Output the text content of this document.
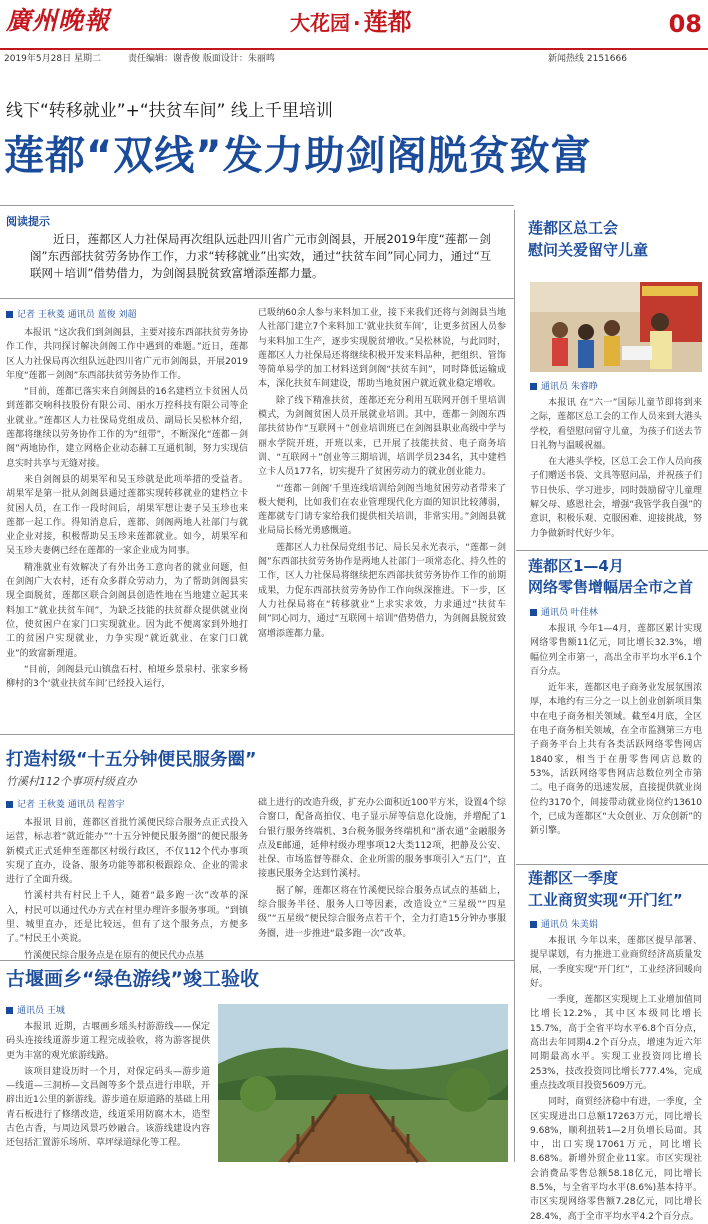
廣州晚報	大花园 · 莲都	08
2019年5月28日 星期二	责任编辑：谢香俊 版面设计：朱丽鸣	新闻热线 2151666
线下“转移就业”+“扶贫车间” 线上千里培训
莲都“双线”发力助剑阁脱贫致富
阅读提示
近日，莲都区人力社保局再次组队远赴四川省广元市剑阁县，开展2019年度“莲都－剑阁”东西部扶贫劳务协作工作，力求“转移就业”出实效，通过“扶贫车间”同心同力，通过“互联网＋培训”借势借力，为剑阁县脱贫致富增添莲都力量。
记者 王秋菱 通讯员 蓝俊 刘超

本报讯 “这次我们到剑阁县，主要对接东西部扶贫劳务协作工作，共同探讨解决剑阁工作中遇到的难题。”近日，莲都区人力社保局再次组队远赴四川省广元市剑阁县，开展2019年度“莲都－剑阁”东西部扶贫劳务协作工作。

“目前，莲都已落实来自剑阁县的16名建档立卡贫困人员到莲都交响科技股份有限公司、丽水万控科技有限公司等企业就业。”莲都区人力社保局党组成员、副局长吴松林介绍，莲都将继续以劳务协作工作的为“纽带”，不断深化“莲都－剑阁”两地协作，建立网格企业动态赫工互通机制，努力实现信息实时共享与无缝对接。

来自剑阁县的胡果军和吴玉珍就是此项举措的受益者。胡果军是第一批从剑阁县通过莲都实现转移就业的建档立卡贫困人员，在工作一段时间后，胡果军想让妻子吴玉珍也来莲都一起工作。得知消息后，莲都、剑阁两地人社部门与就业企业对接，积极帮助吴玉珍来莲都就业。如今，胡果军和吴玉珍夫妻俩已经在莲都的一家企业成为同事。

精准就业有效解决了有外出务工意向者的就业问题，但在剑阁广大农村，还有众多群众劳动力，为了帮助剑阁县实现全面脱贫，莲都区联合剑阁县创造性地在当地建立起其来料加工“就业扶贫车间”，为缺乏技能的扶贫群众提供就业岗位，使贫困户在家门口实现就业。因为此不便离家到外地打工的贫困户实现就业，力争实现“就近就业、在家门口就业”的致富新理道。

“目前，剑阁县元山镇盘石村、柏垭乡景泉村、张家乡杨柳村的3个‘就业扶贫车间’已经投入运行，

已吸纳60余人参与来料加工业，接下来我们还将与剑阁县当地人社部门建立7个来料加工‘就业扶贫车间’，让更多贫困人员参与来料加工生产，逐步实现脱贫增收。”吴松林说，与此同时，莲都区人力社保局还将继续积极开发来料品种，把组织、管饰等简单易学的加工材料送到剑阁“扶贫车间”，同时降低运输成本，深化扶贫车间建设，帮助当地贫困户就近就业稳定增收。

除了线下精准扶贫，莲都还充分利用互联网开创千里培训模式，为剑阁贫困人员开展就业培训。其中，莲都－剑阁东西部扶贫协作“互联网＋”创业培训班已在剑阁县职业高级中学与丽水学院开班，开班以来，已开展了技能扶贫、电子商务培训、“互联网＋”创业等三期培训，培训学员234名，其中建档立卡人员177名，切实提升了贫困劳动力的就业创业能力。

“‘莲都－剑阁’千里连线培训给剑阁当地贫困劳动者带来了极大便利，比如我们在农业管理现代化方面的知识比较薄弱，莲都就专门请专家给我们提供相关培训，非常实用。”剑阁县就业局局长杨光勇感慨道。

莲都区人力社保局党组书记、局长吴永光表示，“莲都－剑阁”东西部扶贫劳务协作是两地人社部门一项常态化、持久性的工作，区人力社保局将继续把东西部扶贫劳务协作工作的前期成果，力促东西部扶贫劳务协作工作向纵深推进。下一步，区人力社保局将在“转移就业”上求实求效，力求通过“扶贫车间”同心同力，通过“互联网＋培训”借势借力，为剑阁县脱贫致富增添莲都力量。

打造村级“十五分钟便民服务圈”
竹溪村112个事项村级直办
记者 王秋菱 通讯员 程普宇

本报讯 目前，莲都区首批竹溪便民综合服务点正式投入运营，标志着“就近能办”“十五分钟便民服务圈”的便民服务新模式正式延伸至莲都区村级行政区，不仅112个代办事项实现了直办，设备、服务功能等都积极跟踪众、企业的需求进行了全面升级。

竹溪村共有村民上千人，随着“最多跑一次”改革的深入，村民可以通过代办方式在村里办理许多服务事项。“到镇里、城里直办，还是比较远，但有了这个服务点，方便多了。”村民王小英说。

竹溪便民综合服务点是在原有的便民代办点基

础上进行的改造升级，扩充办公面积近100平方米，设置4个综合窗口，配备高拍仪、电子显示屏等信息化设施，并増配了1台银行服务终端机、3台税务服务终端机和“浙农通”金融服务点及E邮通，延伸村级办理事项12大类112项，把静及公安、社保、市场监督等群众、企业所需的服务事项引入“五门”，直接惠民服务全达到竹溪村。

据了解，莲都区将在竹溪便民综合服务点试点的基础上，综合服务半径、服务人口等因素，改造设立“三星级”“四星级”“五星级”便民综合服务点若干个，全力打造15分钟办事服务圈，进一步推进“最多跑一次”改革。

古堰画乡“绿色游线”竣工验收
通讯员 王城

本报讯 近期，古堰画乡瑶头村游游线——保定码头连接线道游步道工程完成验收，将为游客提供更为丰富的观光旅游线路。

该项目建设历时一个月，对保定码头—游步道—线道—三洞桥—文昌阁等多个景点进行串联，开辟出近1公里的新游线。游步道在原道路的基础上用青石板进行了修缮改造，线道采用防腐木木，造型古色古香，与周边风景巧妙融合。该游线建设内容还包括汇置游乐场所、草坪绿道绿化等工程。

莲都区总工会
慰问关爱留守儿童
通讯员 朱睿睁

本报讯 在“六一”国际儿童节即将到来之际，莲都区总工会的工作人员来到大港头学校，看望慰问留守儿童，为孩子们送去节日礼物与温暖祝福。

在大港头学校，区总工会工作人员向孩子们赠送书袋、文具等慰问品，并祝孩子们节日快乐、学习进步，同时鼓励留守儿童理解父母、感恩社会，增强“我管学我自强”的意识，积极乐观、克服困难、迎接挑战，努力争做新时代好少年。

莲都区1—4月
网络零售增幅居全市之首
通讯员 叶佳林

本报讯 今年1—4月，莲都区累计实现网络零售额11亿元，同比增长32.3%，增幅位列全市第一，高出全市平均水平6.1个百分点。

近年来，莲都区电子商务业发展氛围浓厚，本地约有三分之一以上创业创新项目集中在电子商务相关领域。截至4月底，全区在电子商务相关领域，在全市监测第三方电子商务平台上共有各类活跃网络零售网店1840家，相当于在册零售网店总数的53%，活跃网络零售网店总数位列全市第二。电子商务的迅速发展，直接提供就业岗位约3170个，间接带动就业岗位约13610个，已成为莲都区“大众创业、万众创新”的新引擎。

莲都区一季度
工业商贸实现“开门红”
通讯员 朱美娟

本报讯 今年以来，莲都区提早部署、提早谋划，有力推进工业商贸经济高质量发展，一季度实现“开门红”，工业经济回暖向好。

一季度，莲都区实现规上工业增加值同比增长12.2%，其中区本级同比增长15.7%，高于全省平均水平6.8个百分点，高出去年同期4.2个百分点，增速为近六年同期最高水平。实现工业投资同比增长253%，技改投资同比增长777.4%，完成重点技改项目投资5609万元。

同时，商贸经济稳中有进，一季度，全区实现进出口总额17263万元，同比增长9.68%，顺利扭转1—2月负增长局面。其中，出口实现17061万元，同比增长8.68%。新增外贸企业11家。市区实现社会消费品零售总额58.18亿元，同比增长8.5%，与全省平均水平(8.6%)基本持平。市区实现网络零售额7.28亿元，同比增长28.4%，高于全市平均水平4.2个百分点。
